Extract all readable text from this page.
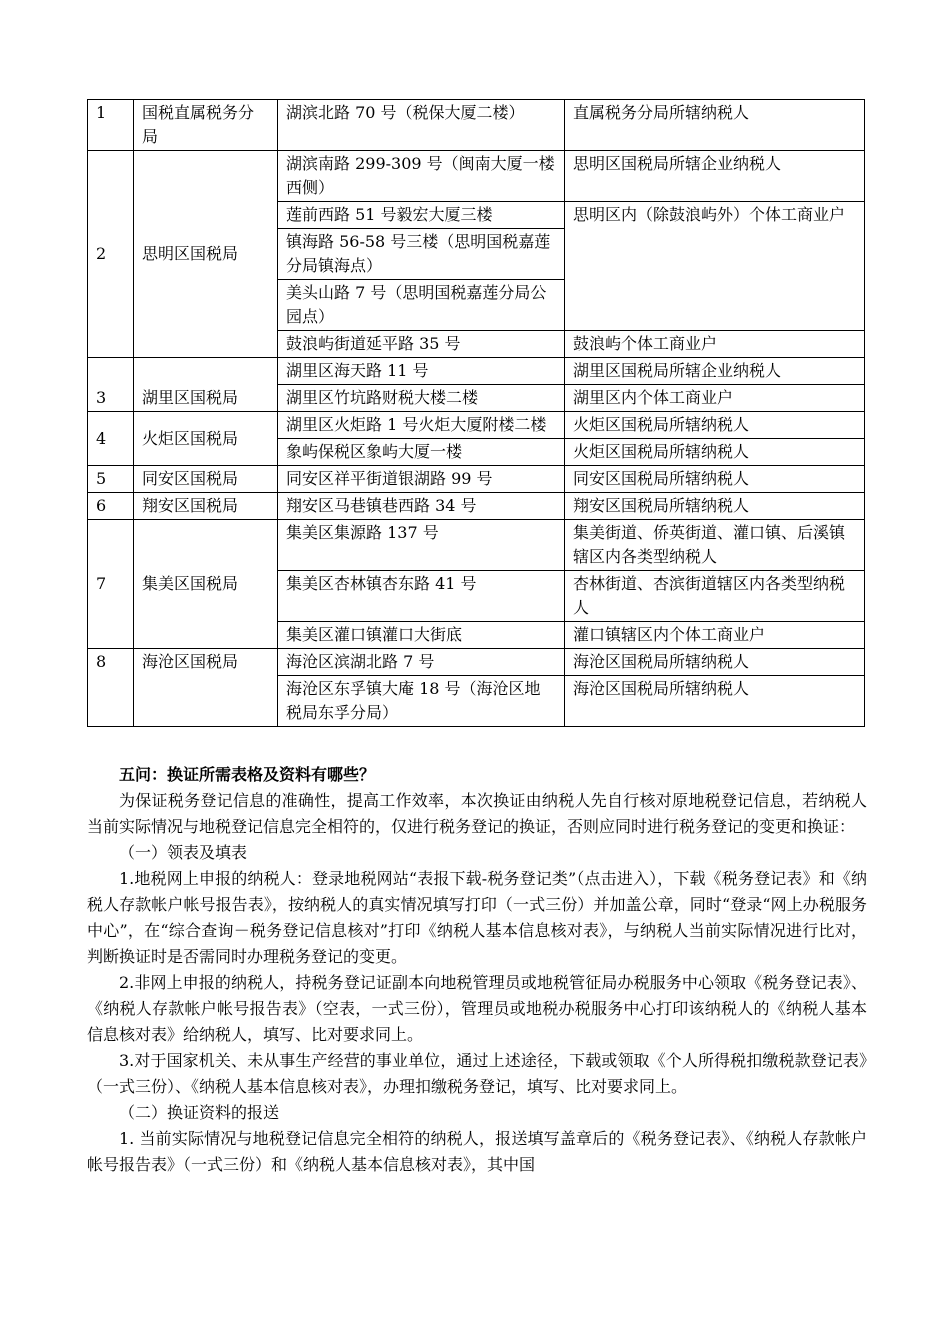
1	国税直属税务分局	湖滨北路 70 号（税保大厦二楼）	直属税务分局所辖纳税人
2	思明区国税局	湖滨南路 299-309 号（闽南大厦一楼西侧）	思明区国税局所辖企业纳税人
		莲前西路 51 号毅宏大厦三楼	思明区内（除鼓浪屿外）个体工商业户
		镇海路 56-58 号三楼（思明国税嘉莲分局镇海点）	
		美头山路 7 号（思明国税嘉莲分局公园点）	
		鼓浪屿街道延平路 35 号	鼓浪屿个体工商业户
3	湖里区国税局	湖里区海天路 11 号	湖里区国税局所辖企业纳税人
		湖里区竹坑路财税大楼二楼	湖里区内个体工商业户
4	火炬区国税局	湖里区火炬路 1 号火炬大厦附楼二楼	火炬区国税局所辖纳税人
		象屿保税区象屿大厦一楼	火炬区国税局所辖纳税人
5	同安区国税局	同安区祥平街道银湖路 99 号	同安区国税局所辖纳税人
6	翔安区国税局	翔安区马巷镇巷西路 34 号	翔安区国税局所辖纳税人
7	集美区国税局	集美区集源路 137 号	集美街道、侨英街道、灌口镇、后溪镇辖区内各类型纳税人
		集美区杏林镇杏东路 41 号	杏林街道、杏滨街道辖区内各类型纳税人
		集美区灌口镇灌口大街底	灌口镇辖区内个体工商业户
8	海沧区国税局	海沧区滨湖北路 7 号	海沧区国税局所辖纳税人
		海沧区东孚镇大庵 18 号（海沧区地税局东孚分局）	海沧区国税局所辖纳税人

五问：换证所需表格及资料有哪些？

为保证税务登记信息的准确性，提高工作效率，本次换证由纳税人先自行核对原地税登记信息，若纳税人当前实际情况与地税登记信息完全相符的，仅进行税务登记的换证，否则应同时进行税务登记的变更和换证：

（一）领表及填表

1.地税网上申报的纳税人：登录地税网站“表报下载-税务登记类”（点击进入），下载《税务登记表》和《纳税人存款帐户帐号报告表》，按纳税人的真实情况填写打印（一式三份）并加盖公章，同时“登录“网上办税服务中心”，在“综合查询－税务登记信息核对”打印《纳税人基本信息核对表》，与纳税人当前实际情况进行比对，判断换证时是否需同时办理税务登记的变更。

2.非网上申报的纳税人，持税务登记证副本向地税管理员或地税管征局办税服务中心领取《税务登记表》、《纳税人存款帐户帐号报告表》（空表，一式三份），管理员或地税办税服务中心打印该纳税人的《纳税人基本信息核对表》给纳税人，填写、比对要求同上。

3.对于国家机关、未从事生产经营的事业单位，通过上述途径，下载或领取《个人所得税扣缴税款登记表》（一式三份）、《纳税人基本信息核对表》，办理扣缴税务登记，填写、比对要求同上。

（二）换证资料的报送

1. 当前实际情况与地税登记信息完全相符的纳税人，报送填写盖章后的《税务登记表》、《纳税人存款帐户帐号报告表》（一式三份）和《纳税人基本信息核对表》，其中国
